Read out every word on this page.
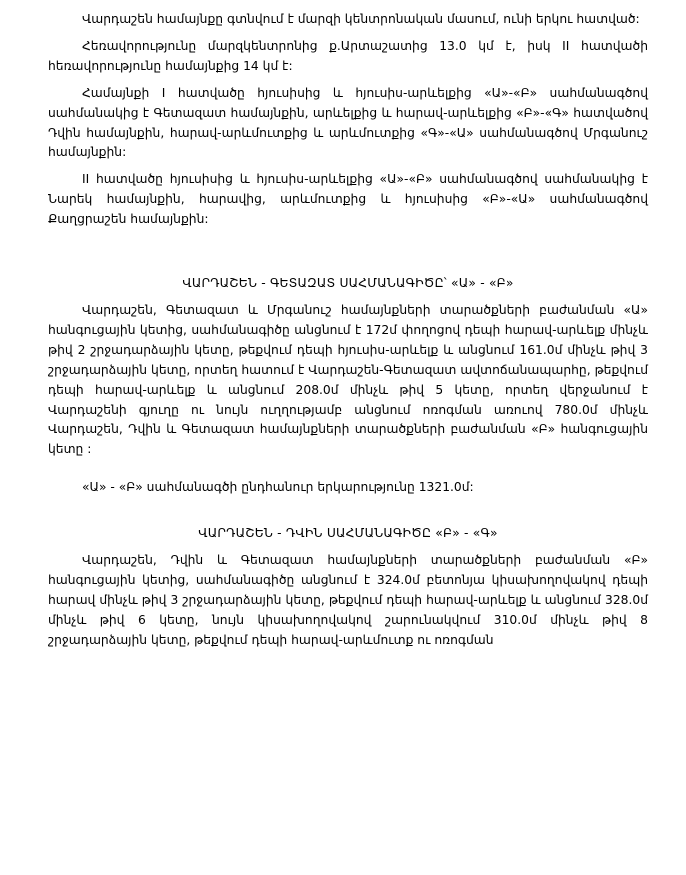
Վարդաշեն համայնքը գտնվում է մարզի կենտրոնական մասում, ունի երկու հատված:

Հեռավորությունը մարզկենտրոնից ք.Արտաշատից 13.0 կմ է, իսկ II հատվածի հեռավորությունը համայնքից 14 կմ է:

Համայնքի I հատվածը հյուսիսից և հյուսիս-արևելքից «Ա»-«Բ» սահմանագծով սահմանակից է Գետազատ համայնքին, արևելքից և հարավ-արևելքից «Բ»-«Գ» հատվածով Դվին համայնքին, հարավ-արևմուտքից և արևմուտքից «Գ»-«Ա» սահմանագծով Մրգանուշ համայնքին:

II հատվածը հյուսիսից և հյուսիս-արևելքից «Ա»-«Բ» սահմանագծով սահմանակից է Նարեկ համայնքին, հարավից, արևմուտքից և հյուսիսից «Բ»-«Ա» սահմանագծով Քաղցրաշեն համայնքին:

ՎԱՐԴԱՇԵՆ - ԳԵՏԱԶԱՏ ՍԱՀՄԱՆԱԳԻԾԸ՝ «Ա» - «Բ»

Վարդաշեն, Գետազատ և Մրգանուշ համայնքների տարածքների բաժանման «Ա» հանգուցային կետից, սահմանագիծը անցնում է 172մ փողոցով դեպի հարավ-արևելք մինչև թիվ 2 շրջադարձային կետը, թեքվում դեպի հյուսիս-արևելք և անցնում 161.0մ մինչև թիվ 3 շրջադարձային կետը, որտեղ հատում է Վարդաշեն-Գետազատ ավտոճանապարհը, թեքվում դեպի հարավ-արևելք և անցնում 208.0մ մինչև թիվ 5 կետը, որտեղ վերջանում է Վարդաշենի գյուղը ու նույն ուղղությամբ անցնում ոռոգման առուով 780.0մ մինչև Վարդաշեն, Դվին և Գետազատ համայնքների տարածքների բաժանման «Բ» հանգուցային կետը :

«Ա» - «Բ» սահմանագծի ընդհանուր երկարությունը 1321.0մ:

ՎԱՐԴԱՇԵՆ - ԴՎԻՆ ՍԱՀՄԱՆԱԳԻԾԸ «Բ» - «Գ»

Վարդաշեն, Դվին և Գետազատ համայնքների տարածքների բաժանման «Բ» հանգուցային կետից, սահմանագիծը անցնում է 324.0մ բետոնյա կիսախողովակով դեպի հարավ մինչև թիվ 3 շրջադարձային կետը, թեքվում դեպի հարավ-արևելք և անցնում 328.0մ մինչև թիվ 6 կետը, նույն կիսախողովակով շարունակվում 310.0մ մինչև թիվ 8 շրջադարձային կետը, թեքվում դեպի հարավ-արևմուտք ու ոռոգման
